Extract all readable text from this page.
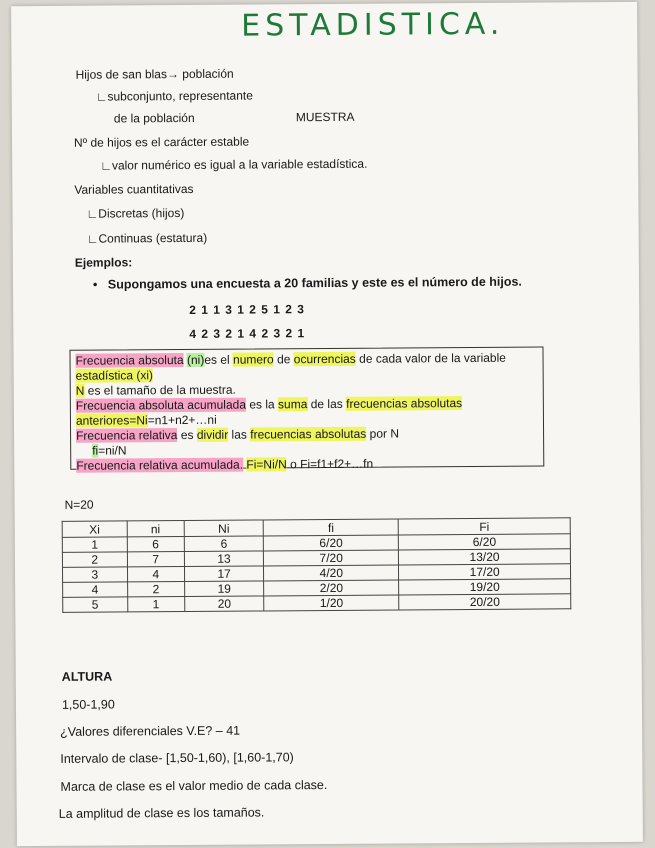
ESTADISTICA.
Hijos de san blas→ población
∟subconjunto, representante
de la población	MUESTRA
Nº de hijos es el carácter estable
∟valor numérico es igual a la variable estadística.
Variables cuantitativas
∟Discretas (hijos)
∟Continuas (estatura)
Ejemplos:
• Supongamos una encuesta a 20 familias y este es el número de hijos.
2 1 1 3 1 2 5 1 2 3
4 2 3 2 1 4 2 3 2 1
Frecuencia absoluta (ni)es el numero de ocurrencias de cada valor de la variable
estadística (xi)
N es el tamaño de la muestra.
Frecuencia absoluta acumulada es la suma de las frecuencias absolutas
anteriores=Ni=n1+n2+…ni
Frecuencia relativa es dividir las frecuencias absolutas por N
fi=ni/N
Frecuencia relativa acumulada. Fi=Ni/N o Fi=f1+f2+…fn
N=20
Xi	ni	Ni	fi	Fi
1	6	6	6/20	6/20
2	7	13	7/20	13/20
3	4	17	4/20	17/20
4	2	19	2/20	19/20
5	1	20	1/20	20/20
ALTURA
1,50-1,90
¿Valores diferenciales V.E? – 41
Intervalo de clase- [1,50-1,60), [1,60-1,70)
Marca de clase es el valor medio de cada clase.
La amplitud de clase es los tamaños.
